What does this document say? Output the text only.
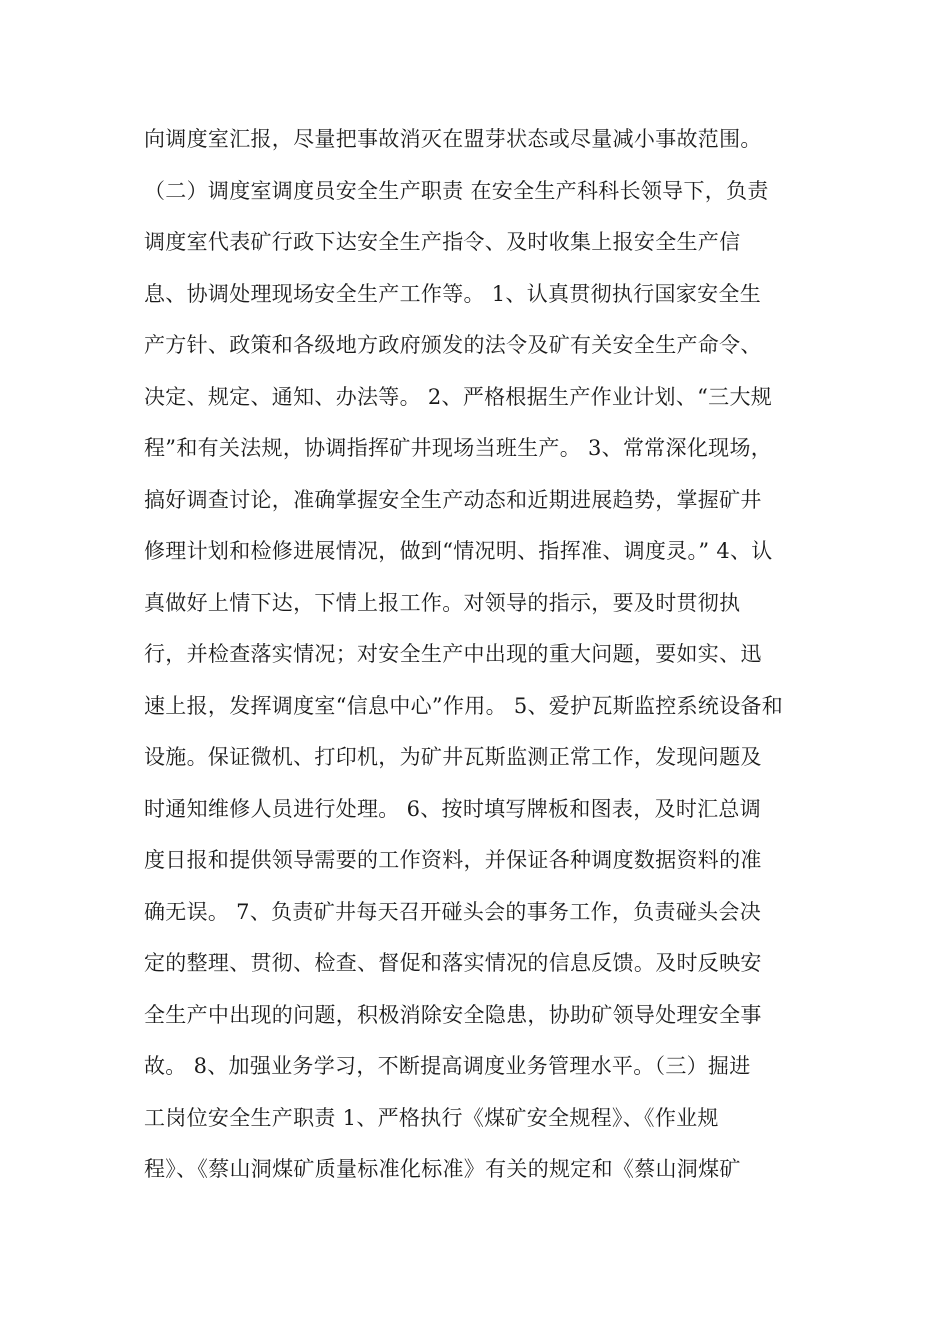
向调度室汇报，尽量把事故消灭在盟芽状态或尽量减小事故范围。
（二）调度室调度员安全生产职责 在安全生产科科长领导下，负责
调度室代表矿行政下达安全生产指令、及时收集上报安全生产信
息、协调处理现场安全生产工作等。 1、认真贯彻执行国家安全生
产方针、政策和各级地方政府颁发的法令及矿有关安全生产命令、
决定、规定、通知、办法等。 2、严格根据生产作业计划、“三大规
程”和有关法规，协调指挥矿井现场当班生产。 3、常常深化现场，
搞好调查讨论，准确掌握安全生产动态和近期进展趋势，掌握矿井
修理计划和检修进展情况，做到“情况明、指挥准、调度灵。” 4、认
真做好上情下达，下情上报工作。对领导的指示，要及时贯彻执
行，并检查落实情况；对安全生产中出现的重大问题，要如实、迅
速上报，发挥调度室“信息中心”作用。 5、爱护瓦斯监控系统设备和
设施。保证微机、打印机，为矿井瓦斯监测正常工作，发现问题及
时通知维修人员进行处理。 6、按时填写牌板和图表，及时汇总调
度日报和提供领导需要的工作资料，并保证各种调度数据资料的准
确无误。 7、负责矿井每天召开碰头会的事务工作，负责碰头会决
定的整理、贯彻、检查、督促和落实情况的信息反馈。及时反映安
全生产中出现的问题，积极消除安全隐患，协助矿领导处理安全事
故。 8、加强业务学习，不断提高调度业务管理水平。（三）掘进
工岗位安全生产职责 1、严格执行《煤矿安全规程》、《作业规
程》、《蔡山洞煤矿质量标准化标准》有关的规定和《蔡山洞煤矿
